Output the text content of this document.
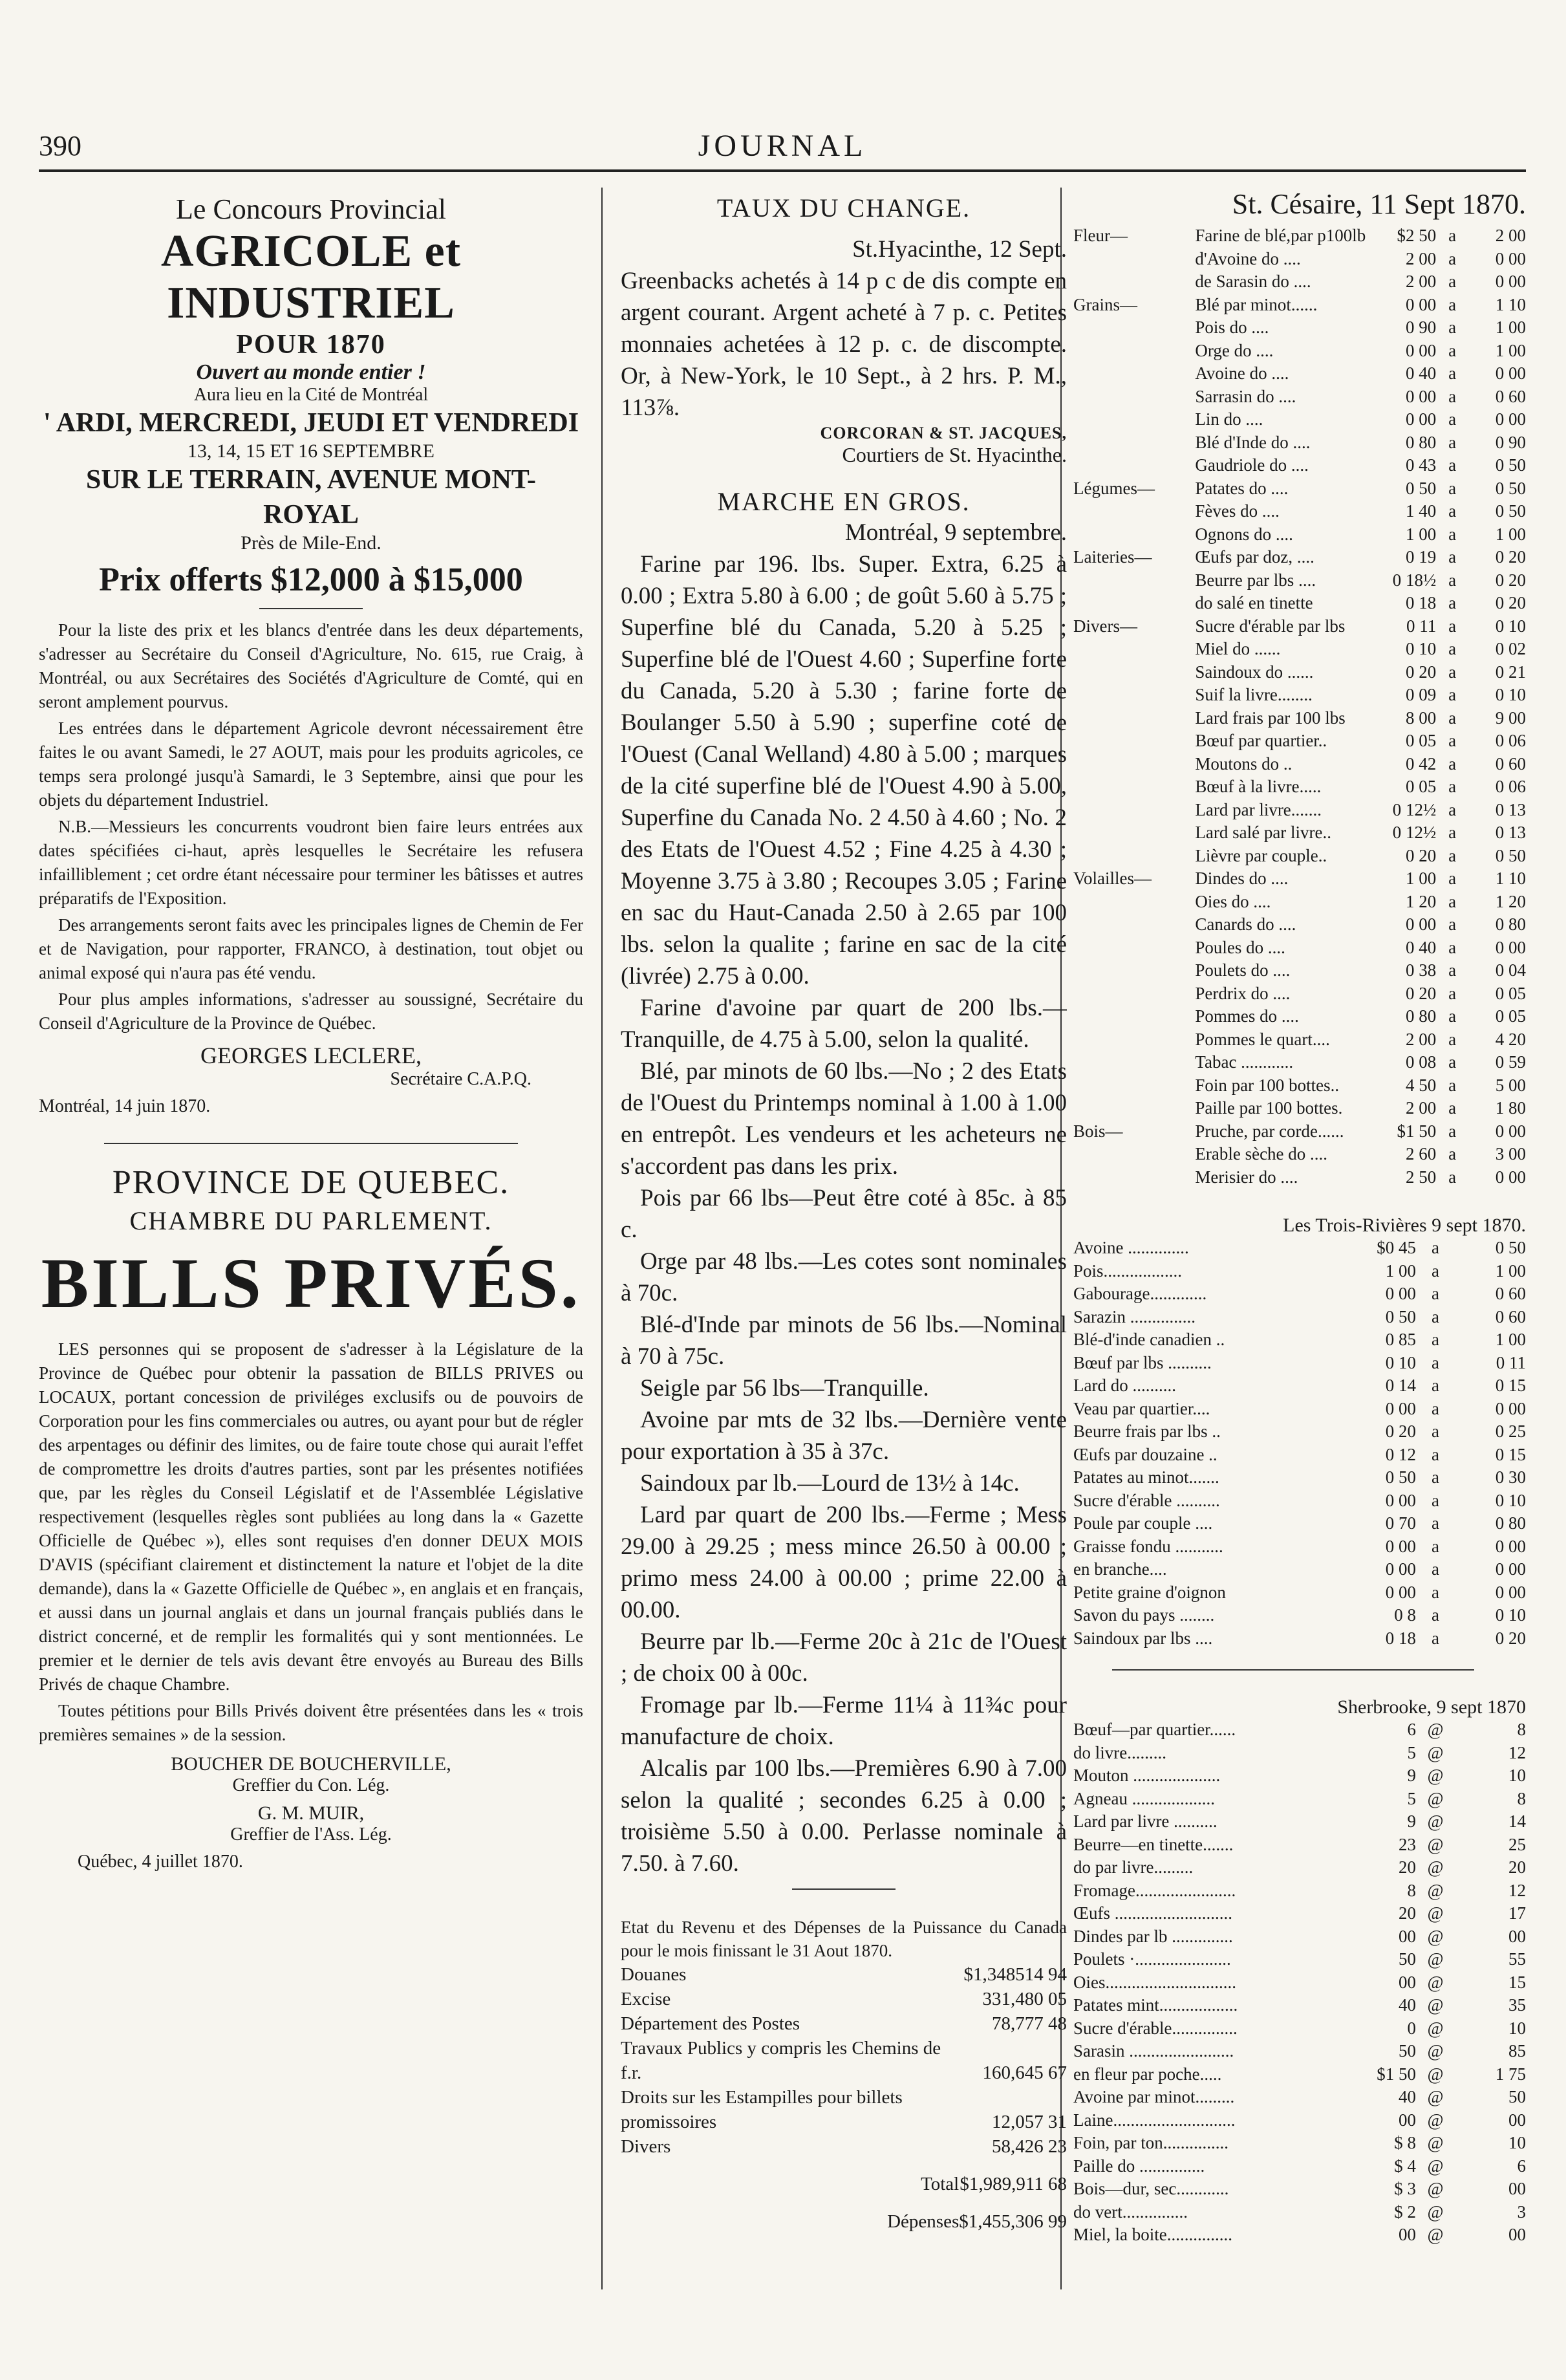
390	JOURNAL
Le Concours Provincial
AGRICOLE et INDUSTRIEL
POUR 1870
Ouvert au monde entier !
Aura lieu en la Cité de Montréal
' ARDI, MERCREDI, JEUDI ET VENDREDI
13, 14, 15 ET 16 SEPTEMBRE
SUR LE TERRAIN, AVENUE MONT-ROYAL
Près de Mile-End.
Prix offerts $12,000 à $15,000

Pour la liste des prix et les blancs d'entrée dans les deux départements, s'adresser au Secrétaire du Conseil d'Agriculture, No. 615, rue Craig, à Montréal, ou aux Secrétaires des Sociétés d'Agriculture de Comté, qui en seront amplement pourvus.

Les entrées dans le département Agricole devront nécessairement être faites le ou avant Samedi, le 27 AOUT, mais pour les produits agricoles, ce temps sera prolongé jusqu'à Samardi, le 3 Septembre, ainsi que pour les objets du département Industriel.

N.B.—Messieurs les concurrents voudront bien faire leurs entrées aux dates spécifiées ci-haut, après lesquelles le Secrétaire les refusera infailliblement ; cet ordre étant nécessaire pour terminer les bâtisses et autres préparatifs de l'Exposition.

Des arrangements seront faits avec les principales lignes de Chemin de Fer et de Navigation, pour rapporter, FRANCO, à destination, tout objet ou animal exposé qui n'aura pas été vendu.

Pour plus amples informations, s'adresser au soussigné, Secrétaire du Conseil d'Agriculture de la Province de Québec.

GEORGES LECLERE,
Secrétaire C.A.P.Q.
Montréal, 14 juin 1870.
PROVINCE DE QUEBEC.
CHAMBRE DU PARLEMENT.
BILLS PRIVÉS.

LES personnes qui se proposent de s'adresser à la Législature de la Province de Québec pour obtenir la passation de BILLS PRIVES ou LOCAUX, portant concession de priviléges exclusifs ou de pouvoirs de Corporation pour les fins commerciales ou autres, ou ayant pour but de régler des arpentages ou définir des limites, ou de faire toute chose qui aurait l'effet de compromettre les droits d'autres parties, sont par les présentes notifiées que, par les règles du Conseil Législatif et de l'Assemblée Législative respectivement (lesquelles règles sont publiées au long dans la « Gazette Officielle de Québec »), elles sont requises d'en donner DEUX MOIS D'AVIS (spécifiant clairement et distinctement la nature et l'objet de la dite demande), dans la « Gazette Officielle de Québec », en anglais et en français, et aussi dans un journal anglais et dans un journal français publiés dans le district concerné, et de remplir les formalités qui y sont mentionnées. Le premier et le dernier de tels avis devant être envoyés au Bureau des Bills Privés de chaque Chambre.

Toutes pétitions pour Bills Privés doivent être présentées dans les « trois premières semaines » de la session.

BOUCHER DE BOUCHERVILLE,
Greffier du Con. Lég.
G. M. MUIR,
Greffier de l'Ass. Lég.
Québec, 4 juillet 1870.
TAUX DU CHANGE.
St.Hyacinthe, 12 Sept.
Greenbacks achetés à 14 p c de dis compte en argent courant. Argent acheté à 7 p. c. Petites monnaies achetées à 12 p. c. de discompte. Or, à New-York, le 10 Sept., à 2 hrs. P. M., 113⅞.
CORCORAN & ST. JACQUES,
Courtiers de St. Hyacinthe.
MARCHE EN GROS.
Montréal, 9 septembre.

Farine par 196. lbs. Super. Extra, 6.25 à 0.00 ; Extra 5.80 à 6.00 ; de goût 5.60 à 5.75 ; Superfine blé du Canada, 5.20 à 5.25 ; Superfine blé de l'Ouest 4.60 ; Superfine forte du Canada, 5.20 à 5.30 ; farine forte de Boulanger 5.50 à 5.90 ; superfine coté de l'Ouest (Canal Welland) 4.80 à 5.00 ; marques de la cité superfine blé de l'Ouest 4.90 à 5.00, Superfine du Canada No. 2 4.50 à 4.60 ; No. 2 des Etats de l'Ouest 4.52 ; Fine 4.25 à 4.30 ; Moyenne 3.75 à 3.80 ; Recoupes 3.05 ; Farine en sac du Haut-Canada 2.50 à 2.65 par 100 lbs. selon la qualite ; farine en sac de la cité (livrée) 2.75 à 0.00.

Farine d'avoine par quart de 200 lbs.—Tranquille, de 4.75 à 5.00, selon la qualité.

Blé, par minots de 60 lbs.—No ; 2 des Etats de l'Ouest du Printemps nominal à 1.00 à 1.00 en entrepôt. Les vendeurs et les acheteurs ne s'accordent pas dans les prix.

Pois par 66 lbs—Peut être coté à 85c. à 85 c.

Orge par 48 lbs.—Les cotes sont nominales à 70c.

Blé-d'Inde par minots de 56 lbs.—Nominal à 70 à 75c.

Seigle par 56 lbs—Tranquille.

Avoine par mts de 32 lbs.—Dernière vente pour exportation à 35 à 37c.

Saindoux par lb.—Lourd de 13½ à 14c.

Lard par quart de 200 lbs.—Ferme ; Mess 29.00 à 29.25 ; mess mince 26.50 à 00.00 ; primo mess 24.00 à 00.00 ; prime 22.00 à 00.00.

Beurre par lb.—Ferme 20c à 21c de l'Ouest ; de choix 00 à 00c.

Fromage par lb.—Ferme 11¼ à 11¾c pour manufacture de choix.

Alcalis par 100 lbs.—Premières 6.90 à 7.00 selon la qualité ; secondes 6.25 à 0.00 ; troisième 5.50 à 0.00. Perlasse nominale à 7.50. à 7.60.

Etat du Revenu et des Dépenses de la Puissance du Canada pour le mois finissant le 31 Aout 1870.
Douanes	$1,348514 94
Excise	331,480 05
Département des Postes	78,777 48
Travaux Publics y compris les Chemins de f.r.	160,645 67
Droits sur les Estampilles pour billets promissoires	12,057 31
Divers	58,426 23
Total	$1,989,911 68
Dépenses	$1,455,306 99
St. Césaire, 11 Sept 1870.
Fleur—	Farine de blé,par p100lb	$2 50	a	2 00
	d'Avoine do ....	2 00	a	0 00
	de Sarasin do ....	2 00	a	0 00
Grains—	Blé par minot......	0 00	a	1 10
	Pois do ....	0 90	a	1 00
	Orge do ....	0 00	a	1 00
	Avoine do ....	0 40	a	0 00
	Sarrasin do ....	0 00	a	0 60
	Lin do ....	0 00	a	0 00
	Blé d'Inde do ....	0 80	a	0 90
	Gaudriole do ....	0 43	a	0 50
Légumes—	Patates do ....	0 50	a	0 50
	Fèves do ....	1 40	a	0 50
	Ognons do ....	1 00	a	1 00
Laiteries—	Œufs par doz, ....	0 19	a	0 20
	Beurre par lbs ....	0 18½	a	0 20
	do salé en tinette	0 18	a	0 20
Divers—	Sucre d'érable par lbs	0 11	a	0 10
	Miel do ......	0 10	a	0 02
	Saindoux do ......	0 20	a	0 21
	Suif la livre........	0 09	a	0 10
	Lard frais par 100 lbs	8 00	a	9 00
	Bœuf par quartier..	0 05	a	0 06
	Moutons do ..	0 42	a	0 60
	Bœuf à la livre.....	0 05	a	0 06
	Lard par livre.......	0 12½	a	0 13
	Lard salé par livre..	0 12½	a	0 13
	Lièvre par couple..	0 20	a	0 50
Volailles—	Dindes do ....	1 00	a	1 10
	Oies do ....	1 20	a	1 20
	Canards do ....	0 00	a	0 80
	Poules do ....	0 40	a	0 00
	Poulets do ....	0 38	a	0 04
	Perdrix do ....	0 20	a	0 05
	Pommes do ....	0 80	a	0 05
	Pommes le quart....	2 00	a	4 20
	Tabac ............	0 08	a	0 59
	Foin par 100 bottes..	4 50	a	5 00
	Paille par 100 bottes.	2 00	a	1 80
Bois—	Pruche, par corde......	$1 50	a	0 00
	Erable sèche do ....	2 60	a	3 00
	Merisier do ....	2 50	a	0 00
Les Trois-Rivières 9 sept 1870.
Avoine ..............	$0 45	a	0 50
Pois..................	1 00	a	1 00
Gabourage.............	0 00	a	0 60
Sarazin ...............	0 50	a	0 60
Blé-d'inde canadien ..	0 85	a	1 00
Bœuf par lbs ..........	0 10	a	0 11
Lard do ..........	0 14	a	0 15
Veau par quartier....	0 00	a	0 00
Beurre frais par lbs ..	0 20	a	0 25
Œufs par douzaine ..	0 12	a	0 15
Patates au minot.......	0 50	a	0 30
Sucre d'érable ..........	0 00	a	0 10
Poule par couple ....	0 70	a	0 80
Graisse fondu ...........	0 00	a	0 00
en branche....	0 00	a	0 00
Petite graine d'oignon	0 00	a	0 00
Savon du pays ........	0 8	a	0 10
Saindoux par lbs ....	0 18	a	0 20
Sherbrooke, 9 sept 1870
Bœuf—par quartier......	6	@	8
do livre.........	5	@	12
Mouton ....................	9	@	10
Agneau ...................	5	@	8
Lard par livre ..........	9	@	14
Beurre—en tinette.......	23	@	25
do par livre.........	20	@	20
Fromage.......................	8	@	12
Œufs ...........................	20	@	17
Dindes par lb ..............	00	@	00
Poulets ·......................	50	@	55
Oies..............................	00	@	15
Patates mint..................	40	@	35
Sucre d'érable...............	0	@	10
Sarasin ........................	50	@	85
en fleur par poche.....	$1 50	@	1 75
Avoine par minot.........	40	@	50
Laine............................	00	@	00
Foin, par ton...............	$ 8	@	10
Paille do ...............	$ 4	@	6
Bois—dur, sec............	$ 3	@	00
do vert...............	$ 2	@	3
Miel, la boite...............	00	@	00
